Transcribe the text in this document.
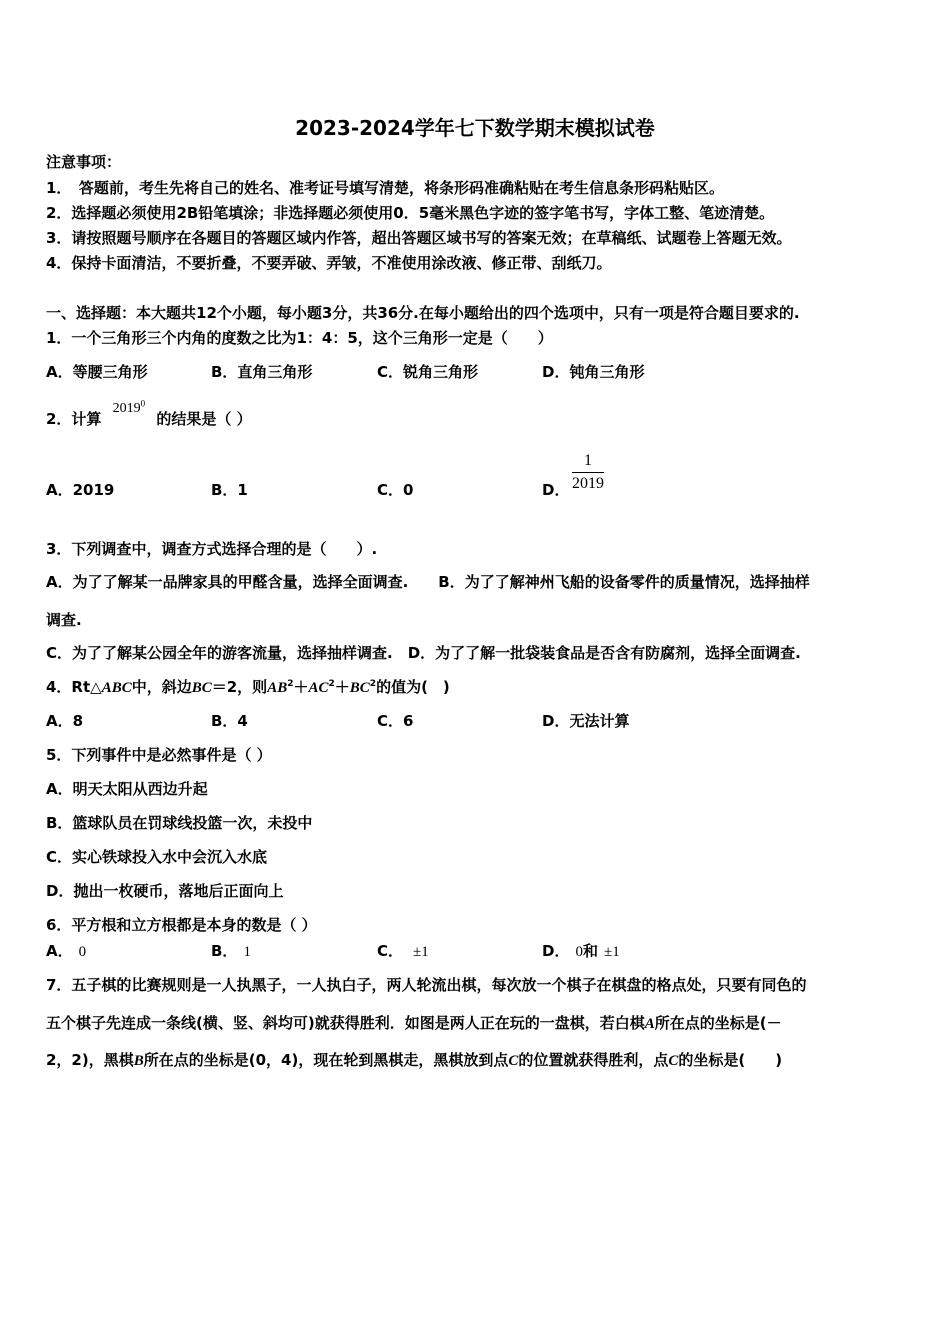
2023-2024学年七下数学期末模拟试卷
注意事项：
1．　答题前，考生先将自己的姓名、准考证号填写清楚，将条形码准确粘贴在考生信息条形码粘贴区。
2．选择题必须使用2B铅笔填涂；非选择题必须使用0．5毫米黑色字迹的签字笔书写，字体工整、笔迹清楚。
3．请按照题号顺序在各题目的答题区域内作答，超出答题区域书写的答案无效；在草稿纸、试题卷上答题无效。
4．保持卡面清洁，不要折叠，不要弄破、弄皱，不准使用涂改液、修正带、刮纸刀。
一、选择题：本大题共12个小题，每小题3分，共36分.在每小题给出的四个选项中，只有一项是符合题目要求的.
1．一个三角形三个内角的度数之比为1：4：5，这个三角形一定是（　　）
A．等腰三角形	B．直角三角形	C．锐角三角形	D．钝角三角形
2．计算 2019$^0$ 的结果是（ ）
A．2019	B．1	C．0	D． $\frac{1}{2019}$
3．下列调查中，调查方式选择合理的是（　　）.
A．为了了解某一品牌家具的甲醛含量，选择全面调查.　　B．为了了解神州飞船的设备零件的质量情况，选择抽样
调查.
C．为了了解某公园全年的游客流量，选择抽样调查.　D．为了了解一批袋装食品是否含有防腐剂，选择全面调查.
4．Rt△ABC中，斜边BC＝2，则$AB^2+AC^2+BC^2$的值为(　)
A．8	B．4	C．6	D．无法计算
5．下列事件中是必然事件是（ ）
A．明天太阳从西边升起
B．篮球队员在罚球线投篮一次，未投中
C．实心铁球投入水中会沉入水底
D．抛出一枚硬币，落地后正面向上
6．平方根和立方根都是本身的数是（ ）
A． 0	B． 1	C． ±1	D． 0和 ±1
7．五子棋的比赛规则是一人执黑子，一人执白子，两人轮流出棋，每次放一个棋子在棋盘的格点处，只要有同色的
五个棋子先连成一条线(横、竖、斜均可)就获得胜利．如图是两人正在玩的一盘棋，若白棋A所在点的坐标是(－
2，2)，黑棋B所在点的坐标是(0，4)，现在轮到黑棋走，黑棋放到点C的位置就获得胜利，点C的坐标是(　　)
